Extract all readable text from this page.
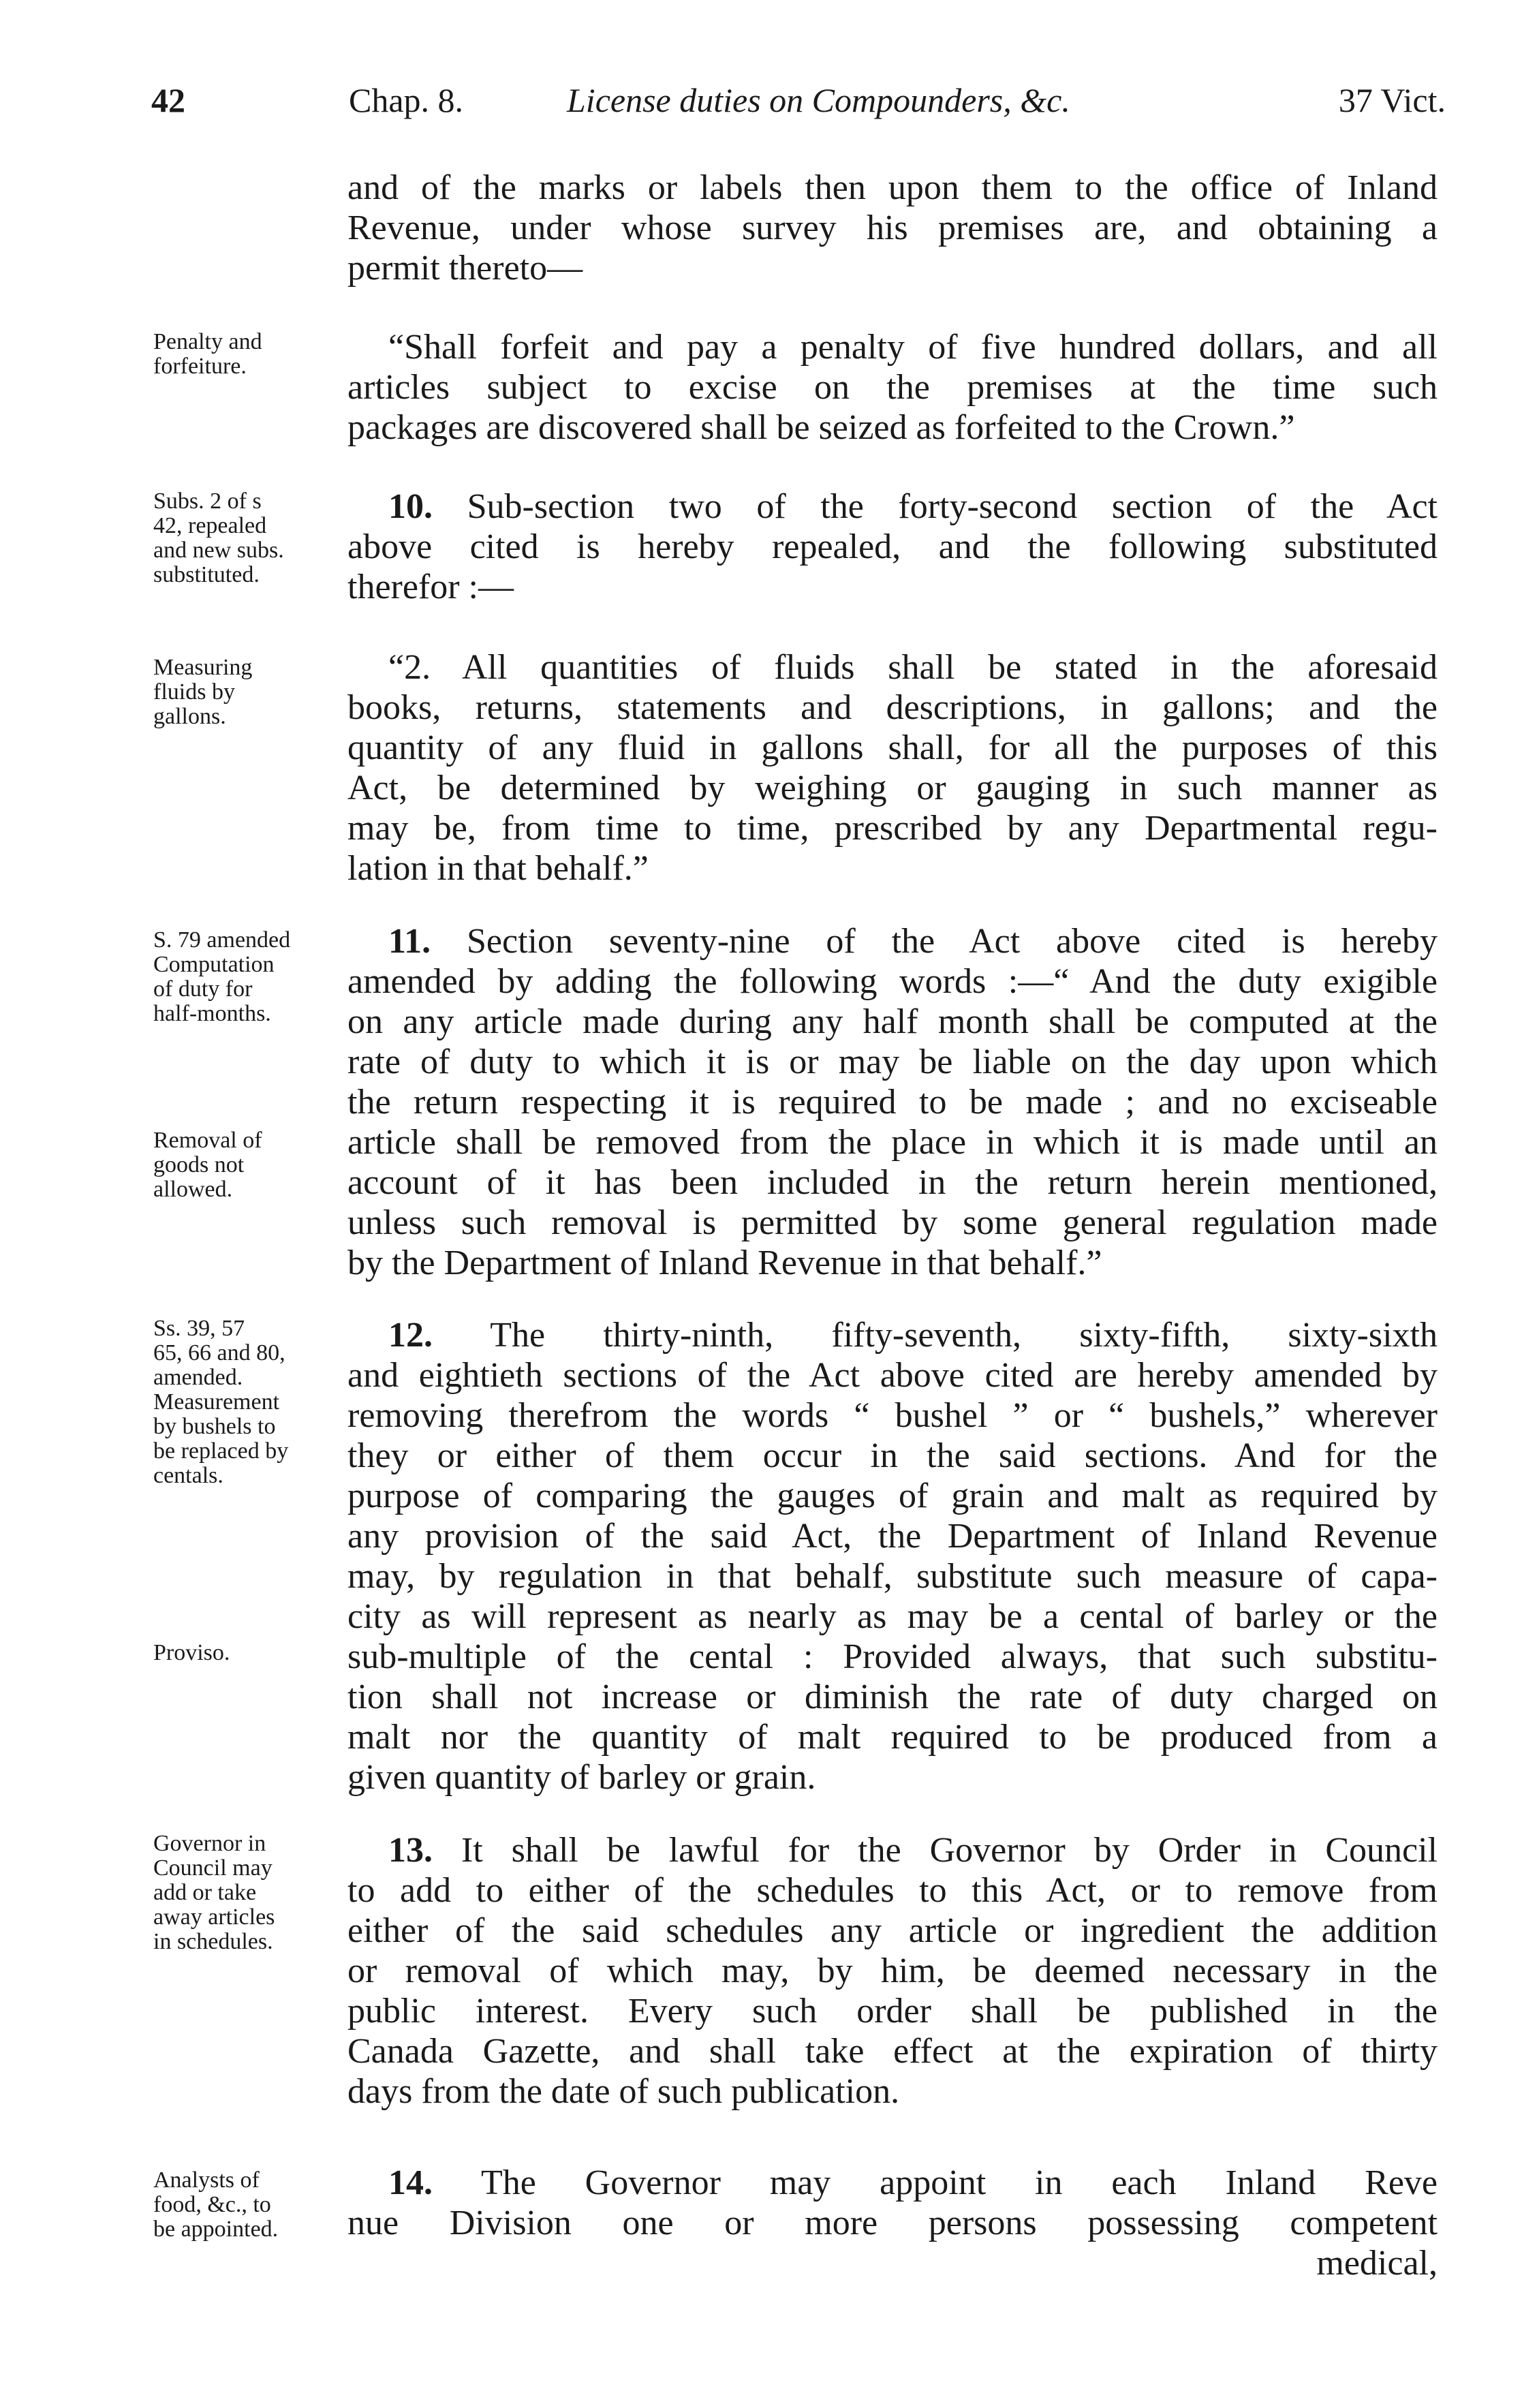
42	Chap. 8.	License duties on Compounders, &c.	37 Vict.
and of the marks or labels then upon them to the office of Inland
Revenue, under whose survey his premises are, and obtaining a
permit thereto—
Penalty and
forfeiture.	“Shall forfeit and pay a penalty of five hundred dollars, and all
articles subject to excise on the premises at the time such
packages are discovered shall be seized as forfeited to the Crown.”
Subs. 2 of s
42, repealed
and new subs.
substituted.
10. Sub-section two of the forty-second section of the Act
above cited is hereby repealed, and the following substituted
therefor :—
Measuring
fluids by
gallons.
“2. All quantities of fluids shall be stated in the aforesaid
books, returns, statements and descriptions, in gallons; and the
quantity of any fluid in gallons shall, for all the purposes of this
Act, be determined by weighing or gauging in such manner as
may be, from time to time, prescribed by any Departmental regu-
lation in that behalf.”
S. 79 amended
Computation
of duty for
half-months.
Removal of
goods not
allowed.
11. Section seventy-nine of the Act above cited is hereby
amended by adding the following words :—“ And the duty exigible
on any article made during any half month shall be computed at the
rate of duty to which it is or may be liable on the day upon which
the return respecting it is required to be made ; and no exciseable
article shall be removed from the place in which it is made until an
account of it has been included in the return herein mentioned,
unless such removal is permitted by some general regulation made
by the Department of Inland Revenue in that behalf.”
Ss. 39, 57
65, 66 and 80,
amended.
Measurement
by bushels to
be replaced by
centals.
Proviso.
12. The thirty-ninth, fifty-seventh, sixty-fifth, sixty-sixth
and eightieth sections of the Act above cited are hereby amended by
removing therefrom the words “ bushel ” or “ bushels,” wherever
they or either of them occur in the said sections. And for the
purpose of comparing the gauges of grain and malt as required by
any provision of the said Act, the Department of Inland Revenue
may, by regulation in that behalf, substitute such measure of capa-
city as will represent as nearly as may be a cental of barley or the
sub-multiple of the cental : Provided always, that such substitu-
tion shall not increase or diminish the rate of duty charged on
malt nor the quantity of malt required to be produced from a
given quantity of barley or grain.
Governor in
Council may
add or take
away articles
in schedules.
13. It shall be lawful for the Governor by Order in Council
to add to either of the schedules to this Act, or to remove from
either of the said schedules any article or ingredient the addition
or removal of which may, by him, be deemed necessary in the
public interest. Every such order shall be published in the
Canada Gazette, and shall take effect at the expiration of thirty
days from the date of such publication.
Analysts of
food, &c., to
be appointed.
14. The Governor may appoint in each Inland Reve
nue Division one or more persons possessing competent
medical,
